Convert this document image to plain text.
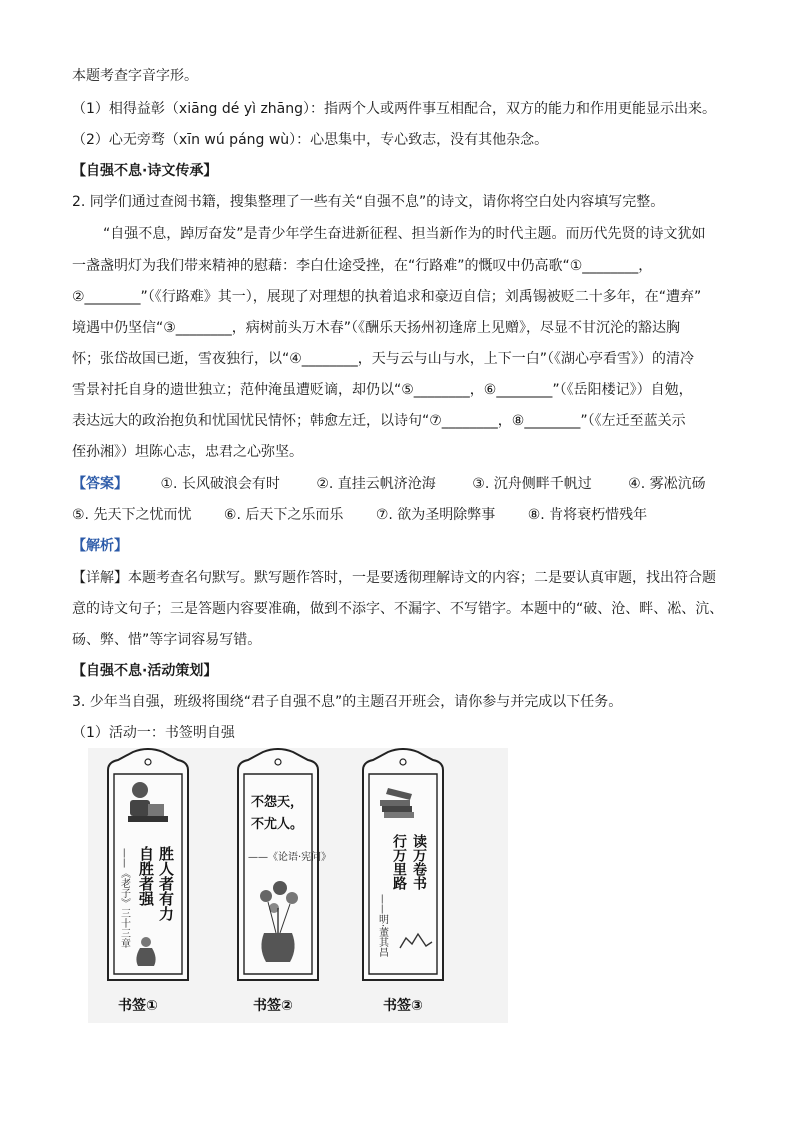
本题考查字音字形。
（1）相得益彰（xiāng dé yì zhāng）：指两个人或两件事互相配合，双方的能力和作用更能显示出来。
（2）心无旁骛（xīn wú páng wù）：心思集中，专心致志，没有其他杂念。
【自强不息·诗文传承】
2. 同学们通过查阅书籍，搜集整理了一些有关“自强不息”的诗文，请你将空白处内容填写完整。
“自强不息，踔厉奋发”是青少年学生奋进新征程、担当新作为的时代主题。而历代先贤的诗文犹如
一盏盏明灯为我们带来精神的慰藉：李白仕途受挫，在“行路难”的慨叹中仍高歌“①________，
②________”（《行路难》其一），展现了对理想的执着追求和豪迈自信；刘禹锡被贬二十多年，在“遭弃”
境遇中仍坚信“③________，病树前头万木春”（《酬乐天扬州初逢席上见赠》，尽显不甘沉沦的豁达胸
怀；张岱故国已逝，雪夜独行，以“④________，天与云与山与水，上下一白”（《湖心亭看雪》）的清冷
雪景衬托自身的遗世独立；范仲淹虽遭贬谪，却仍以“⑤________，⑥________”（《岳阳楼记》）自勉，
表达远大的政治抱负和忧国忧民情怀；韩愈左迁，以诗句“⑦________，⑧________”（《左迁至蓝关示
侄孙湘》）坦陈心志，忠君之心弥坚。
【答案】 ①. 长风破浪会有时	②. 直挂云帆济沧海	③. 沉舟侧畔千帆过	④. 雾凇沆砀
⑤. 先天下之忧而忧 ⑥. 后天下之乐而乐 ⑦. 欲为圣明除弊事 ⑧. 肯将衰朽惜残年
【解析】
【详解】本题考查名句默写。默写题作答时，一是要透彻理解诗文的内容；二是要认真审题，找出符合题
意的诗文句子；三是答题内容要准确，做到不添字、不漏字、不写错字。本题中的“破、沧、畔、凇、沆、
砀、弊、惜”等字词容易写错。
【自强不息·活动策划】
3. 少年当自强，班级将围绕“君子自强不息”的主题召开班会，请你参与并完成以下任务。
（1）活动一：书签明自强
胜人者有力
自胜者强
——《老子》三十三章
不怨天，
不尤人。
——《论语·宪问》	读万卷书
行万里路
——明·董其昌
书签①	书签②	书签③
